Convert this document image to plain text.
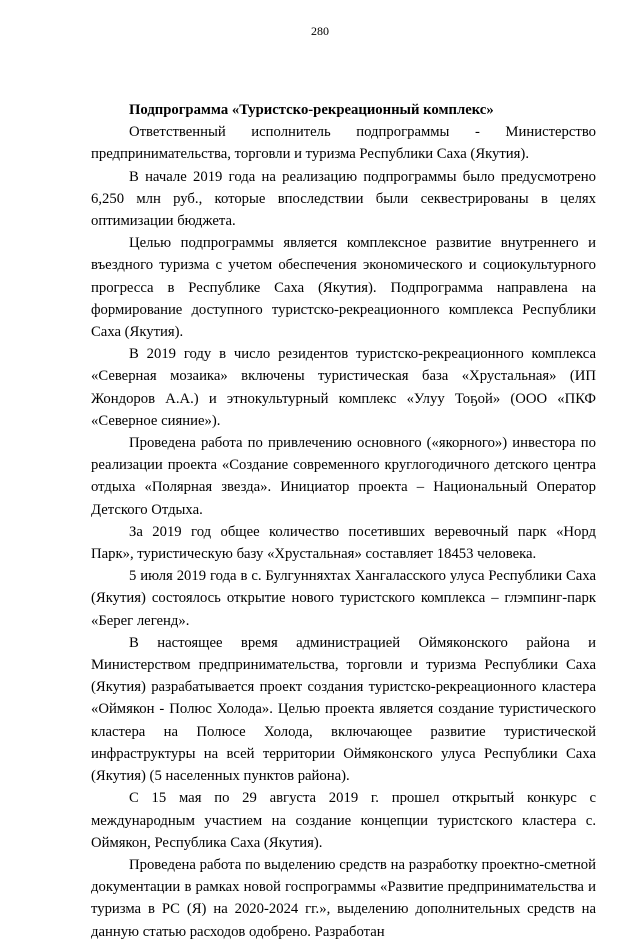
280
Подпрограмма «Туристско-рекреационный комплекс»

Ответственный исполнитель подпрограммы - Министерство предпринимательства, торговли и туризма Республики Саха (Якутия).

В начале 2019 года на реализацию подпрограммы было предусмотрено 6,250 млн руб., которые впоследствии были секвестрированы в целях оптимизации бюджета.

Целью подпрограммы является комплексное развитие внутреннего и въездного туризма с учетом обеспечения экономического и социокультурного прогресса в Республике Саха (Якутия). Подпрограмма направлена на формирование доступного туристско-рекреационного комплекса Республики Саха (Якутия).

В 2019 году в число резидентов туристско-рекреационного комплекса «Северная мозаика» включены туристическая база «Хрустальная» (ИП Жондоров А.А.) и этнокультурный комплекс «Улуу Тоҕой» (ООО «ПКФ «Северное сияние»).

Проведена работа по привлечению основного («якорного») инвестора по реализации проекта «Создание современного круглогодичного детского центра отдыха «Полярная звезда». Инициатор проекта – Национальный Оператор Детского Отдыха.

За 2019 год общее количество посетивших веревочный парк «Норд Парк», туристическую базу «Хрустальная» составляет 18453 человека.

5 июля 2019 года в с. Булгунняхтах Хангаласского улуса Республики Саха (Якутия) состоялось открытие нового туристского комплекса – глэмпинг-парк «Берег легенд».

В настоящее время администрацией Оймяконского района и Министерством предпринимательства, торговли и туризма Республики Саха (Якутия) разрабатывается проект создания туристско-рекреационного кластера «Оймякон - Полюс Холода». Целью проекта является создание туристического кластера на Полюсе Холода, включающее развитие туристической инфраструктуры на всей территории Оймяконского улуса Республики Саха (Якутия) (5 населенных пунктов района).

С 15 мая по 29 августа 2019 г. прошел открытый конкурс с международным участием на создание концепции туристского кластера с. Оймякон, Республика Саха (Якутия).

Проведена работа по выделению средств на разработку проектно-сметной документации в рамках новой госпрограммы «Развитие предпринимательства и туризма в РС (Я) на 2020-2024 гг.», выделению дополнительных средств на данную статью расходов одобрено. Разработан
